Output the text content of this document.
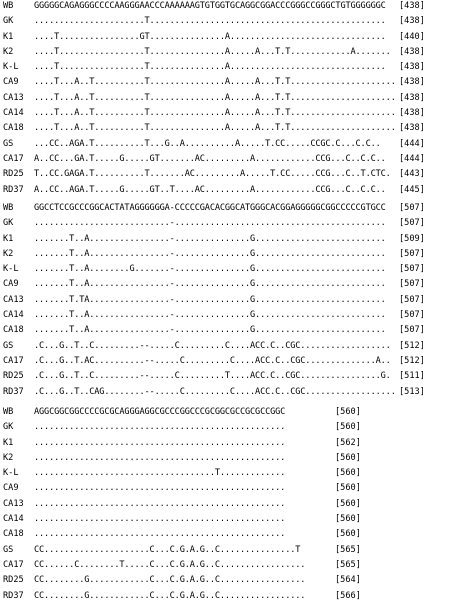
WB GGGGGCAGAGGGCCCCAAGGGAACCCAAAAAAGTGTGGTGCAGGCGGACCCGGGCCGGGCTGTGGGGGGC [438]
GK ......................T............................................... [438]
K1 ....T................GT...............A............................... [440]
K2 ....T.................T...............A.....A...T.T............A....... [438]
K-L ....T.................T...............A............................... [438]
CA9 ....T...A..T..........T...............A.....A...T.T..................... [438]
CA13 ....T...A..T..........T...............A.....A...T.T..................... [438]
CA14 ....T...A..T..........T...............A.....A...T.T..................... [438]
CA18 ....T...A..T..........T...............A.....A...T.T..................... [438]
GS ...CC..AGA.T..........T...G..A..........A.....T.CC.....CCGC.C...C.C.. [444]
CA17 A..CC...GA.T.....G.....GT.......AC.........A............CCG...C..C.C.. [444]
RD25 T..CC.GAGA.T..........T.......AC.........A.....T.CC.....CCG...C..T.CTC. [443]
RD37 A..CC..AGA.T.....G.....GT..T....AC.........A............CCG...C..C.C.. [445]
WB GGCCTCCGCCCGGCACTATAGGGGGGA-CCCCCGACACGGCATGGGCACGGAGGGGGCGGCCCCCGTGCC [507]
GK ...........................-.......................................... [507]
K1 .......T..A................-...............G.......................... [509]
K2 .......T..A................-...............G.......................... [507]
K-L .......T..A........G.......-...............G.......................... [507]
CA9 .......T..A................-...............G.......................... [507]
CA13 .......T.TA................-...............G.......................... [507]
CA14 .......T..A................-...............G.......................... [507]
CA18 .......T..A................-...............G.......................... [507]
GS .C...G..T..C.........--.....C.........C....ACC.C..CGC.................. [512]
CA17 .C...G..T.AC..........--.....C.........C....ACC.C..CGC..............A.. [512]
RD25 .C...G..T..C.........--.....C.........T....ACC.C..CGC................G. [511]
RD37 .C...G..T..CAG........--.....C.........C....ACC.C..CGC.................. [513]
WB AGGCGGCGGCCCCGCGCAGGGAGGCGCCCGGCCCGCGGCGCCGCGCCGGC	[560]
GK ..................................................	[560]
K1 ..................................................	[562]
K2 ..................................................	[560]
K-L ....................................T.............	[560]
CA9 ..................................................	[560]
CA13 ..................................................	[560]
CA14 ..................................................	[560]
CA18 ..................................................	[560]
GS CC.....................C...C.G.A.G..C...............T	[565]
CA17 CC......C........T.....C...C.G.A.G..C.................	[565]
RD25 CC........G............C...C.G.A.G..C.................	[564]
RD37 CC........G............C...C.G.A.G..C.................	[566]
